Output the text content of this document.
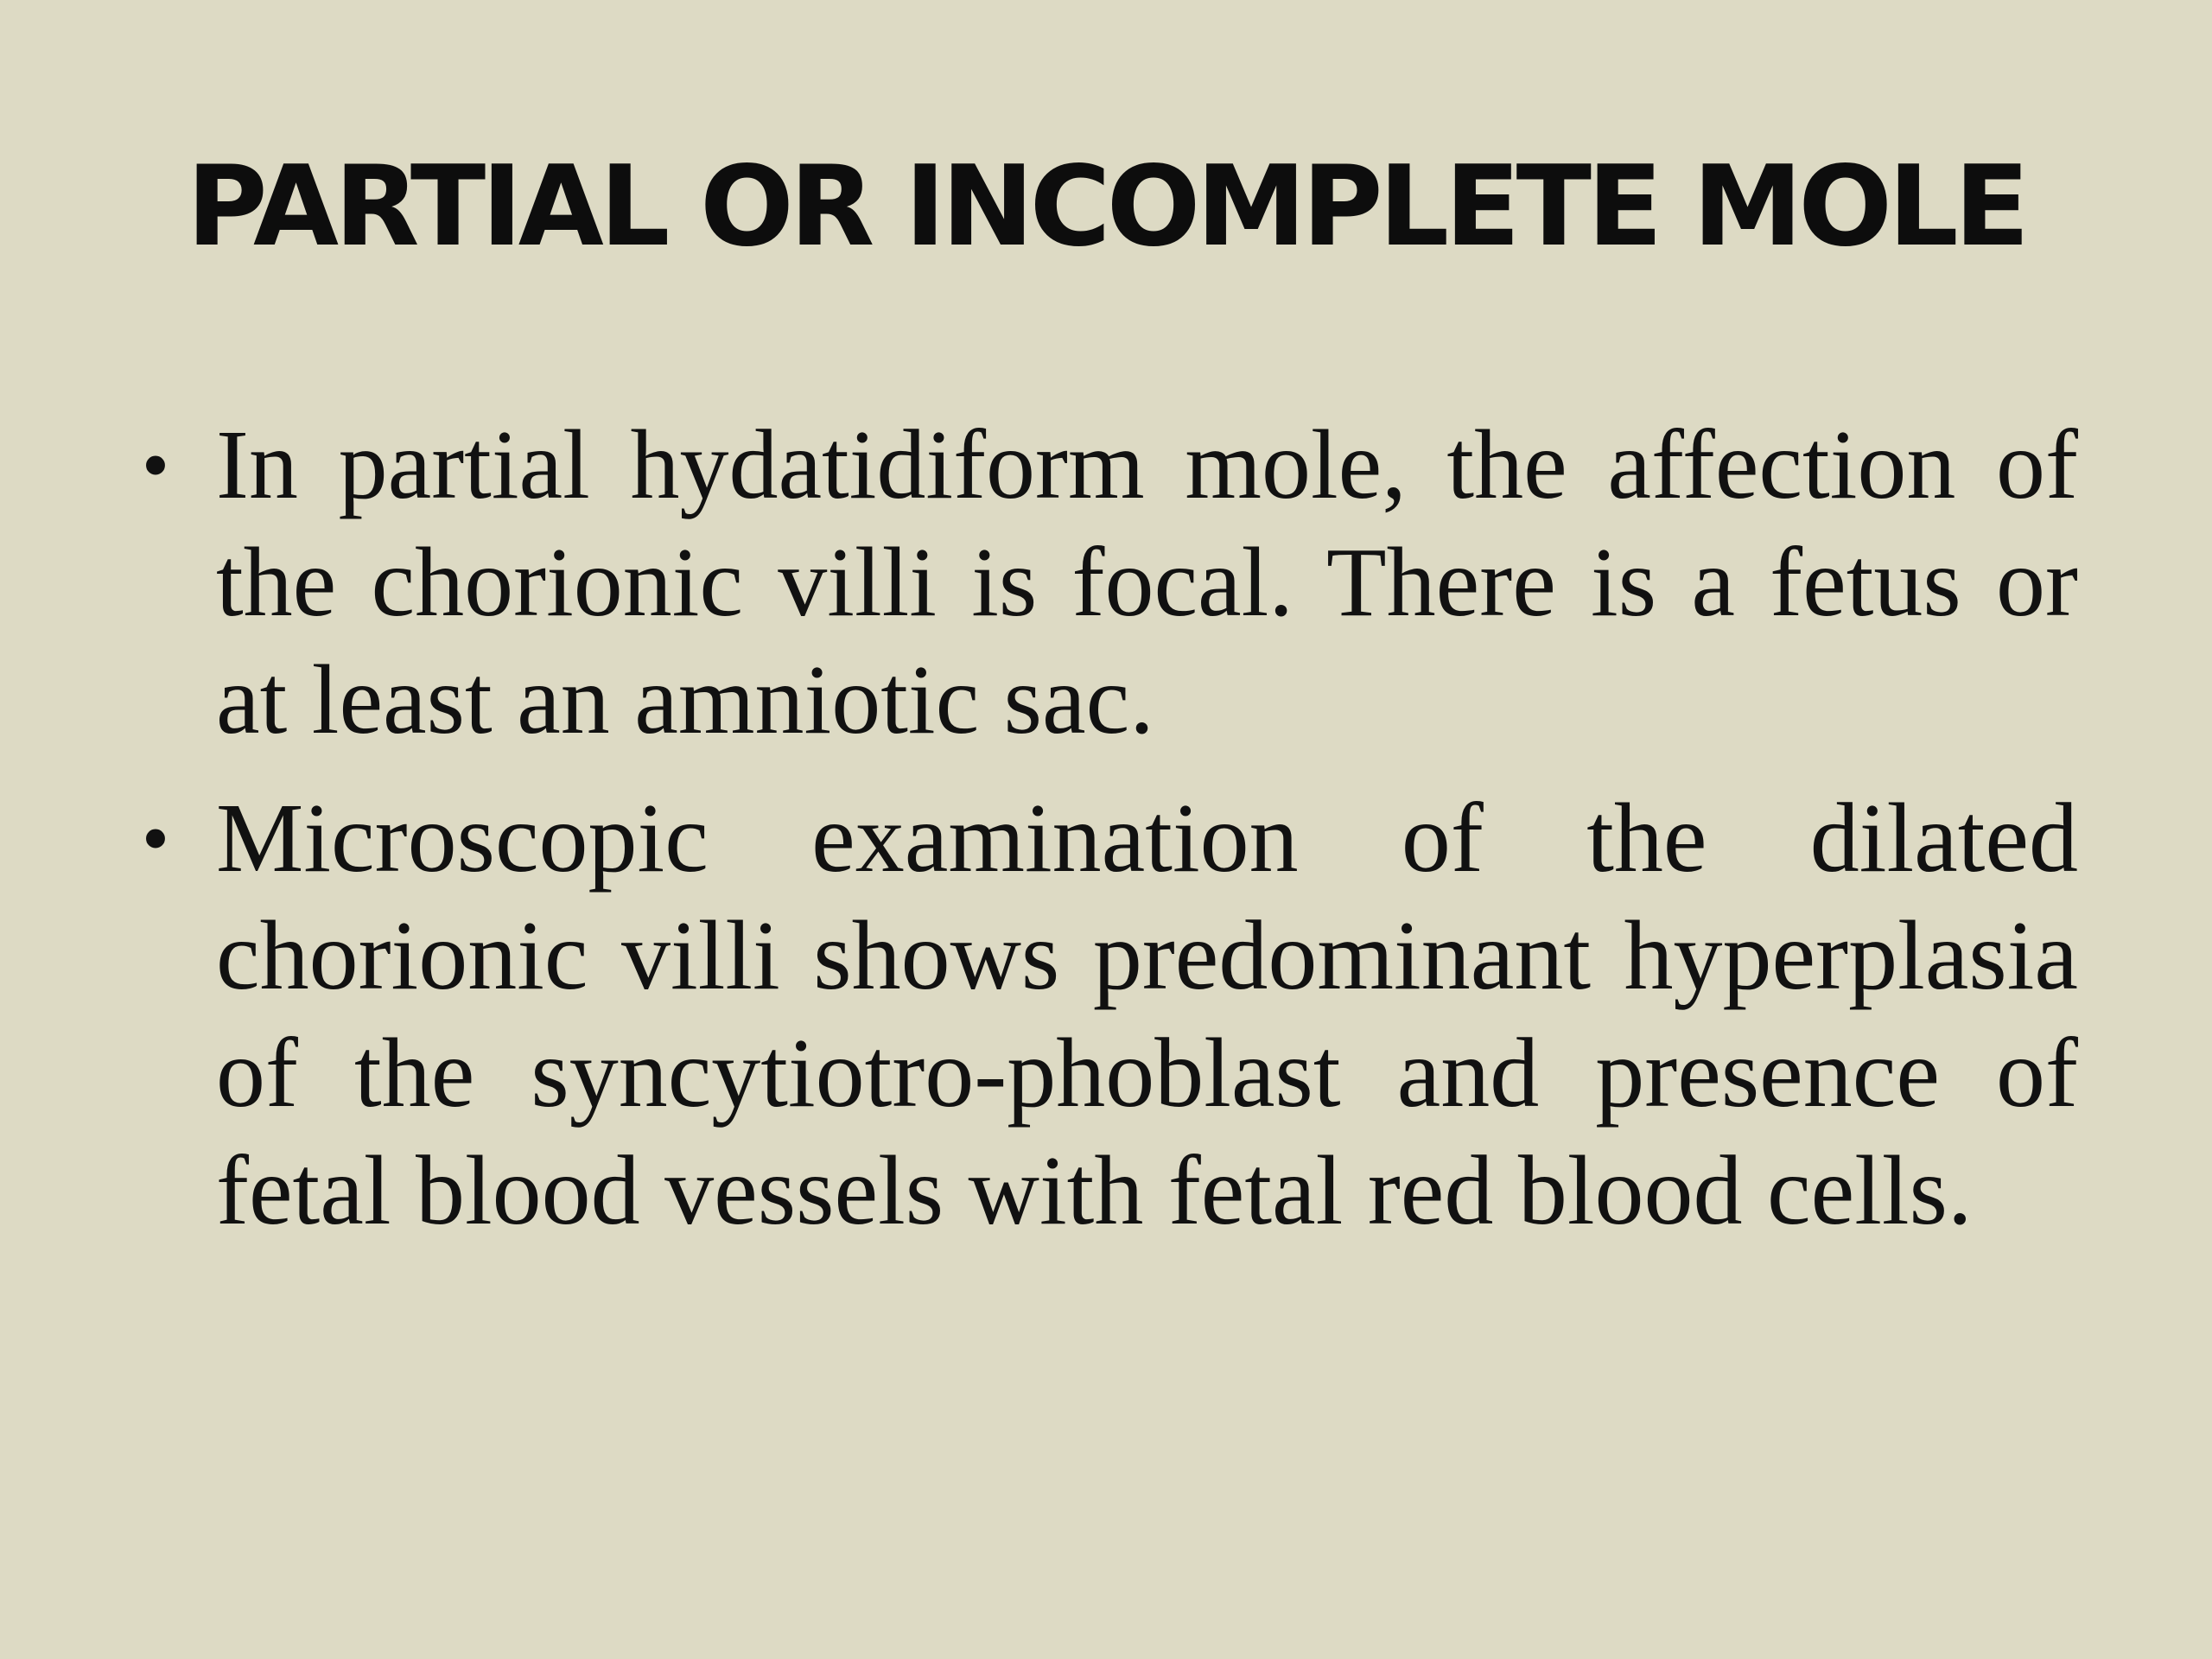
PARTIAL OR INCOMPLETE MOLE
• In partial hydatidiform mole, the affection of the chorionic villi is focal. There is a fetus or at least an amniotic sac.
• Microscopic examination of the dilated chorionic villi shows predominant hyperplasia of the syncytiotro-phoblast and presence of fetal blood vessels with fetal red blood cells.
